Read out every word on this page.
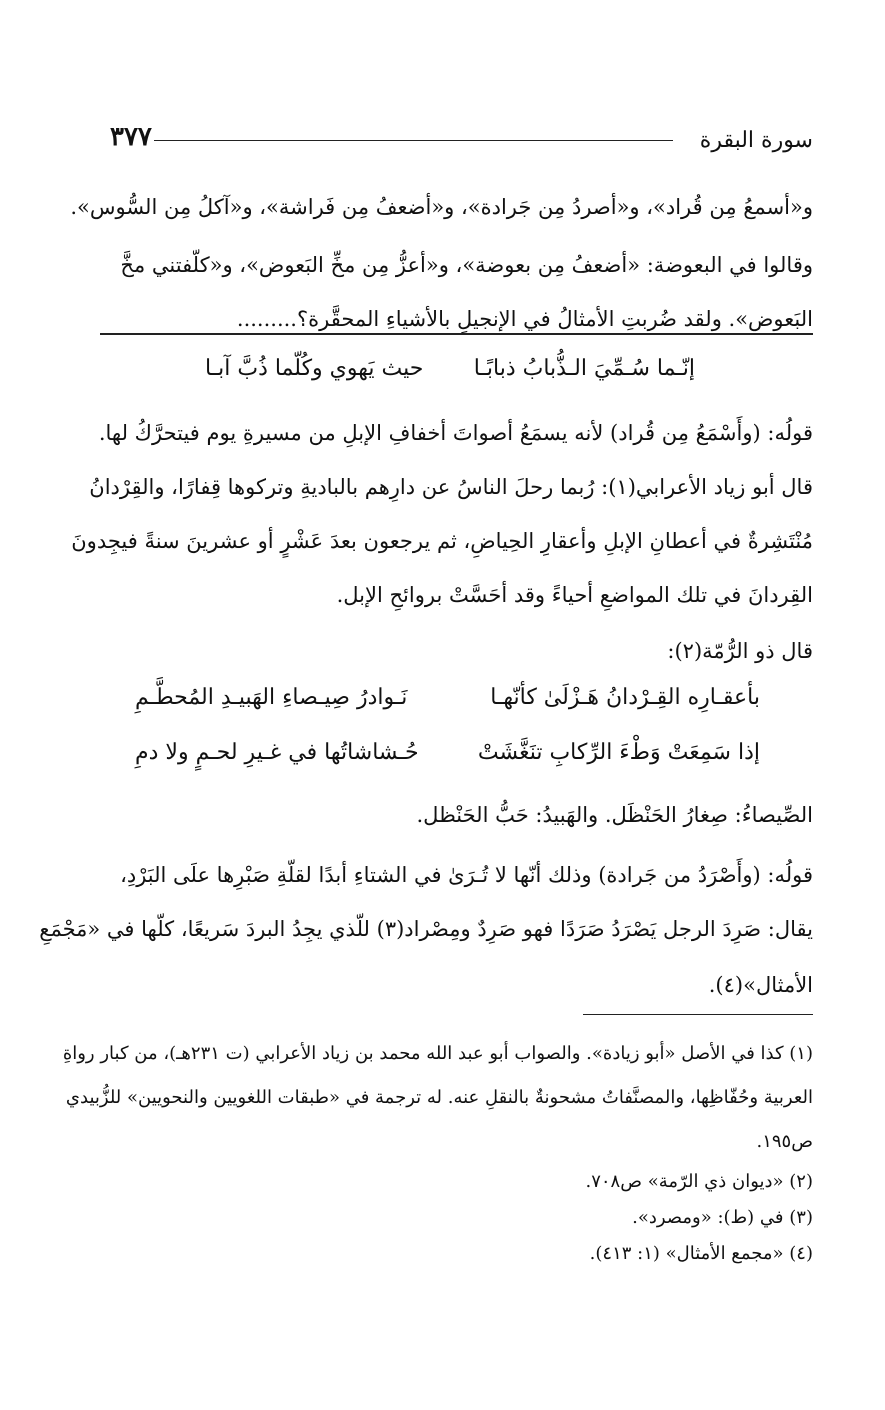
سورة البقرة
٣٧٧
و«أسمعُ مِن قُراد»، و«أصردُ مِن جَرادة»، و«أضعفُ مِن فَراشة»، و«آكلُ مِن السُّوس».
وقالوا في البعوضة: «أضعفُ مِن بعوضة»، و«أعزُّ مِن مخِّ البَعوض»، و«كلّفتني مخَّ
البَعوض». ولقد ضُربتِ الأمثالُ في الإنجيلِ بالأشياءِ المحقَّرة؟.........
إنّـما سُـمِّيَ الـذُّبابُ ذبابًـا
حيث يَهوي وكُلّما ذُبَّ آبـا
قولُه: (وأَسْمَعُ مِن قُراد) لأنه يسمَعُ أصواتَ أخفافِ الإبلِ من مسيرةِ يوم فيتحرَّكُ لها.
قال أبو زياد الأعرابي(١): رُبما رحلَ الناسُ عن دارِهم بالباديةِ وتركوها قِفارًا، والقِرْدانُ
مُنْتَشِرةٌ في أعطانِ الإبلِ وأعقارِ الحِياضِ، ثم يرجعون بعدَ عَشْرٍ أو عشرينَ سنةً فيجِدونَ
القِردانَ في تلك المواضعِ أحياءً وقد أحَسَّتْ بروائحِ الإبل.
قال ذو الرُّمّة(٢):
بأعقـارِه القِـرْدانُ هَـزْلَىٰ كأنّهـا
نَـوادرُ صِيـصاءِ الهَبيـدِ المُحطَّـمِ
إذا سَمِعَتْ وَطْءَ الرِّكابِ تنَغَّشَتْ
حُـشاشاتُها في غـيرِ لحـمٍ ولا دمِ
الصِّيصاءُ: صِغارُ الحَنْظَل. والهَبيدُ: حَبُّ الحَنْظل.
قولُه: (وأَصْرَدُ من جَرادة) وذلك أنّها لا تُـرَىٰ في الشتاءِ أبدًا لقلّةِ صَبْرِها علَى البَرْدِ،
يقال: صَرِدَ الرجل يَصْرَدُ صَرَدًا فهو صَرِدٌ ومِصْراد(٣) للّذي يجِدُ البردَ سَريعًا، كلّها في «مَجْمَعِ
الأمثال»(٤).
(١) كذا في الأصل «أبو زيادة». والصواب أبو عبد الله محمد بن زياد الأعرابي (ت ٢٣١هـ)، من كبار رواةِ
العربية وحُفّاظِها، والمصنَّفاتُ مشحونةٌ بالنقلِ عنه. له ترجمة في «طبقات اللغويين والنحويين» للزُّبيدي
ص١٩٥.
(٢) «ديوان ذي الرّمة» ص٧٠٨.
(٣) في (ط): «ومصرد».
(٤) «مجمع الأمثال» (١: ٤١٣).
